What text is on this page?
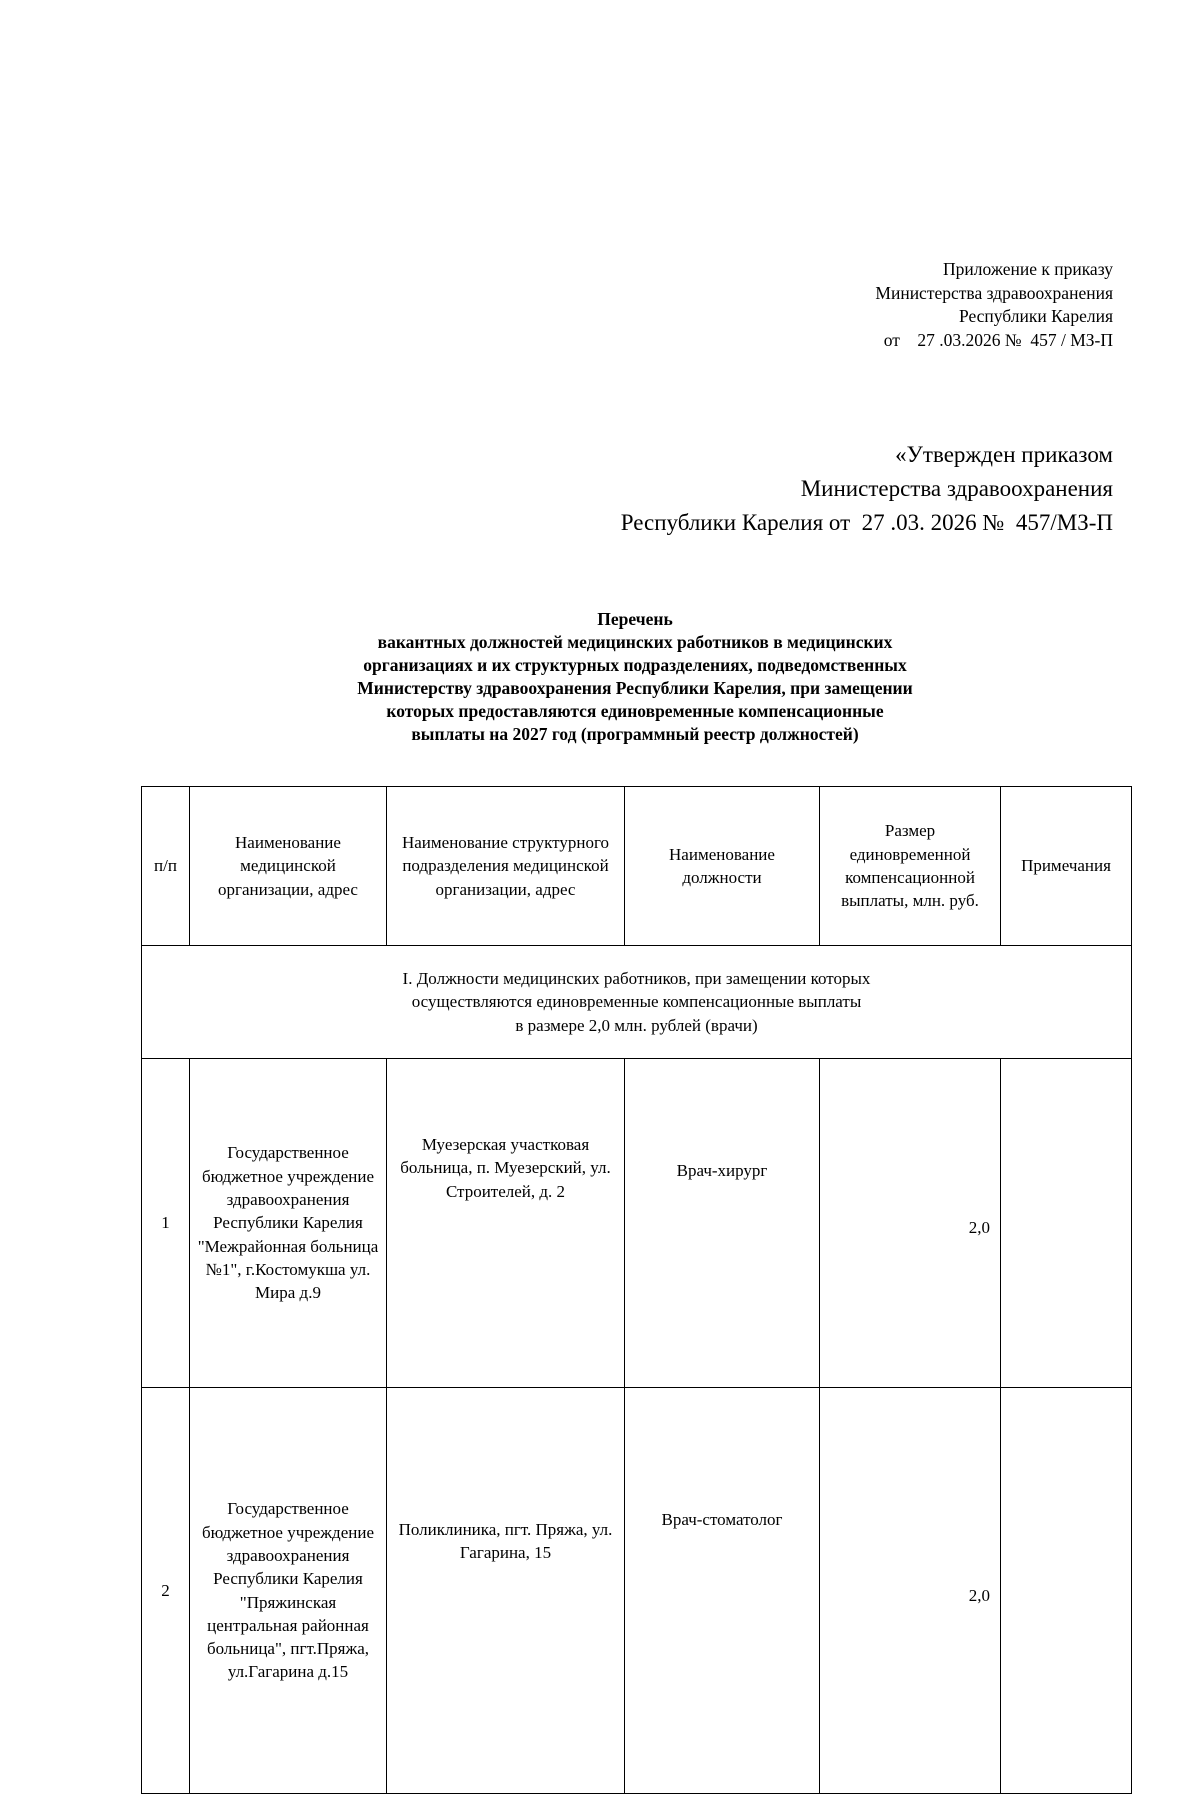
Приложение к приказу
Министерства здравоохранения
Республики Карелия
от    27 .03.2026 №  457 / МЗ-П
«Утвержден приказом
Министерства здравоохранения
Республики Карелия от  27 .03. 2026 №  457/МЗ-П
Перечень
вакантных должностей медицинских работников в медицинских
организациях и их структурных подразделениях, подведомственных
Министерству здравоохранения Республики Карелия, при замещении
которых предоставляются единовременные компенсационные
выплаты на 2027 год (программный реестр должностей)
п/п	Наименование медицинской организации, адрес	Наименование структурного подразделения медицинской организации, адрес	Наименование должности	Размер единовременной компенсационной выплаты, млн. руб.	Примечания

I. Должности медицинских работников, при замещении которых
осуществляются единовременные компенсационные выплаты
в размере 2,0 млн. рублей (врачи)					

1	Государственное бюджетное учреждение здравоохранения Республики Карелия "Межрайонная больница №1", г.Костомукша ул. Мира д.9	Муезерская участковая больница, п. Муезерский, ул. Строителей, д. 2	Врач-хирург	2,0	
2	Государственное бюджетное учреждение здравоохранения Республики Карелия "Пряжинская центральная районная больница", пгт.Пряжа, ул.Гагарина д.15	Поликлиника, пгт. Пряжа, ул. Гагарина, 15	Врач-стоматолог	2,0	
